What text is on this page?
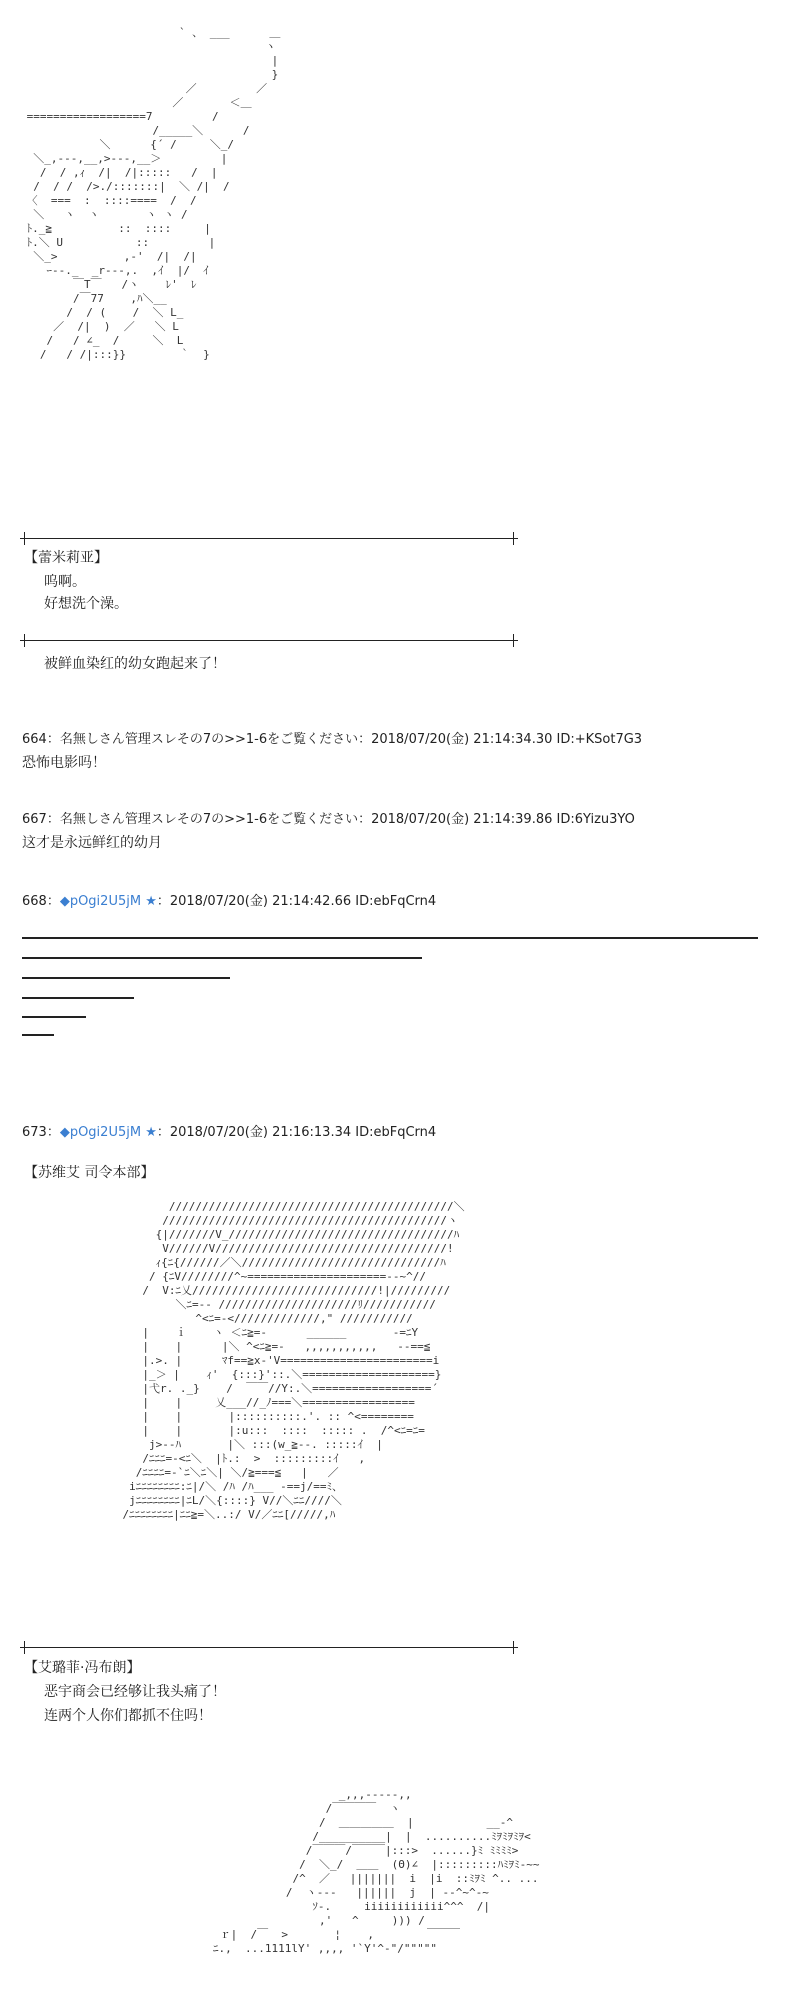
` 、 ___      ＿
ヽ
|
}
／         ／
／       ＜＿
==================7         /
/_____＼      /
＼      {´ /     ＼_/
＼_,---,__,>---,__＞         |
/  / ,ｨ  /|  /|:::::   /  |
/  / /  />./:::::::|  ＼ /|  /
〈  ===  :  ::::====  /  /
＼   ヽ  ヽ       ヽ ヽ /
ﾄ._≧          ::  ::::     |
ﾄ.＼ U           ::         |
＼_>          ,-'  /|  /|
ｰ--._  _r---,.  ,ｲ  |/  ｲ
￣T￣   /ヽ    ﾚ'  ﾚ
/￣77    ,ﾊ＼__
/  / (    /  ＼ L_
／  /|  )  ／   ＼ L
/   / ∠_  /     ＼  L
/   / /|:::}}        ｀  }
【蕾米莉亚】
呜啊。
好想洗个澡。
被鲜血染红的幼女跑起来了！
664：名無しさん管理スレその7の>>1-6をご覧ください：2018/07/20(金) 21:14:34.30 ID:+KSot7G3
恐怖电影吗！
667：名無しさん管理スレその7の>>1-6をご覧ください：2018/07/20(金) 21:14:39.86 ID:6Yizu3YO
这才是永远鲜红的幼月
668：◆pOgi2U5jM ★：2018/07/20(金) 21:14:42.66 ID:ebFqCrn4
673：◆pOgi2U5jM ★：2018/07/20(金) 21:16:13.34 ID:ebFqCrn4
【苏维艾 司令本部】
///////////////////////////////////////////＼
///////////////////////////////////////////ヽ
{|///////V_//////////////////////////////////ﾊ
V//////V///////////////////////////////////!
ｨ{ﾆ{//////／＼//////////////////////////////ﾊ
/ {ﾆV////////^~=====================--~^//
/  V:ﾆ乂////////////////////////////!|/////////
＼ﾆ=-- /////////////////////ﾘ///////////
^<ﾆ=-</////////////," ///////////
|    ｉ    ヽ ＜ﾆ≧=-      ______       -=ﾆY
|    |      |＼ ^<ﾆ≧=-   ,,,,,,,,,,,   --==≦
|.>. |      ﾏf==≧x-'V=======================i
|_＞ |    ｨ'  {:::}'::.＼====================}
|弋r. ._}    /  ￣￣//Y:.＼==================´
|    |     乂___//_ﾉ===＼=================
|    |       |::::::::::.'. :: ^<========
|    |       |:u:::  ::::  ::::: .  /^<ﾆ=ﾆ=
j>--ﾊ       |＼ :::(w_≧--. :::::ｲ  |
/ﾆﾆﾆ=-<ﾆ＼  |ﾄ.:  >  :::::::::ｲ   ,
/ﾆﾆﾆﾆ=-`ﾆ＼ﾆ＼| ＼/≧===≦   |   ／
iﾆﾆﾆﾆﾆﾆﾆﾆ:ﾆ|/＼ /ﾊ /ﾊ___ -==j/==ﾐ、
jﾆﾆﾆﾆﾆﾆﾆﾆ|ﾆL/＼{::::} V//＼ﾆﾆ////＼
/ﾆﾆﾆﾆﾆﾆﾆﾆ|ﾆﾆ≧=＼..:/ V/／ﾆﾆ[/////,ﾊ
【艾璐菲·冯布朗】
恶宇商会已经够让我头痛了！
连两个人你们都抓不住吗！
_,,,-----,,
/￣￣￣￣  ヽ
/  ＿＿＿＿＿  |           __-^
/__________|  |  ..........ﾐｦﾐｦﾐｦ<
/￣￣￣/￣￣￣|:::>  ......}ﾐ ﾐﾐﾐﾐ>
/  ＼_/  ＿＿  (Θ)∠  |:::::::::ﾊﾐｦﾐ-~~
/^  ／   |||||||  i  |i  ::ﾐｦﾐ ^.. ...
/  ヽ---   ||||||  j  | ‐-^~^-~
ｿ-.     iiiiiiiiiiii^^^  /|
,'   ^     ))) /
ｒ|  /￣  >       ¦    ,        ￣￣￣
ﾆ.,  ...1111lY' ,,,, '`Y'^-"/"""""
